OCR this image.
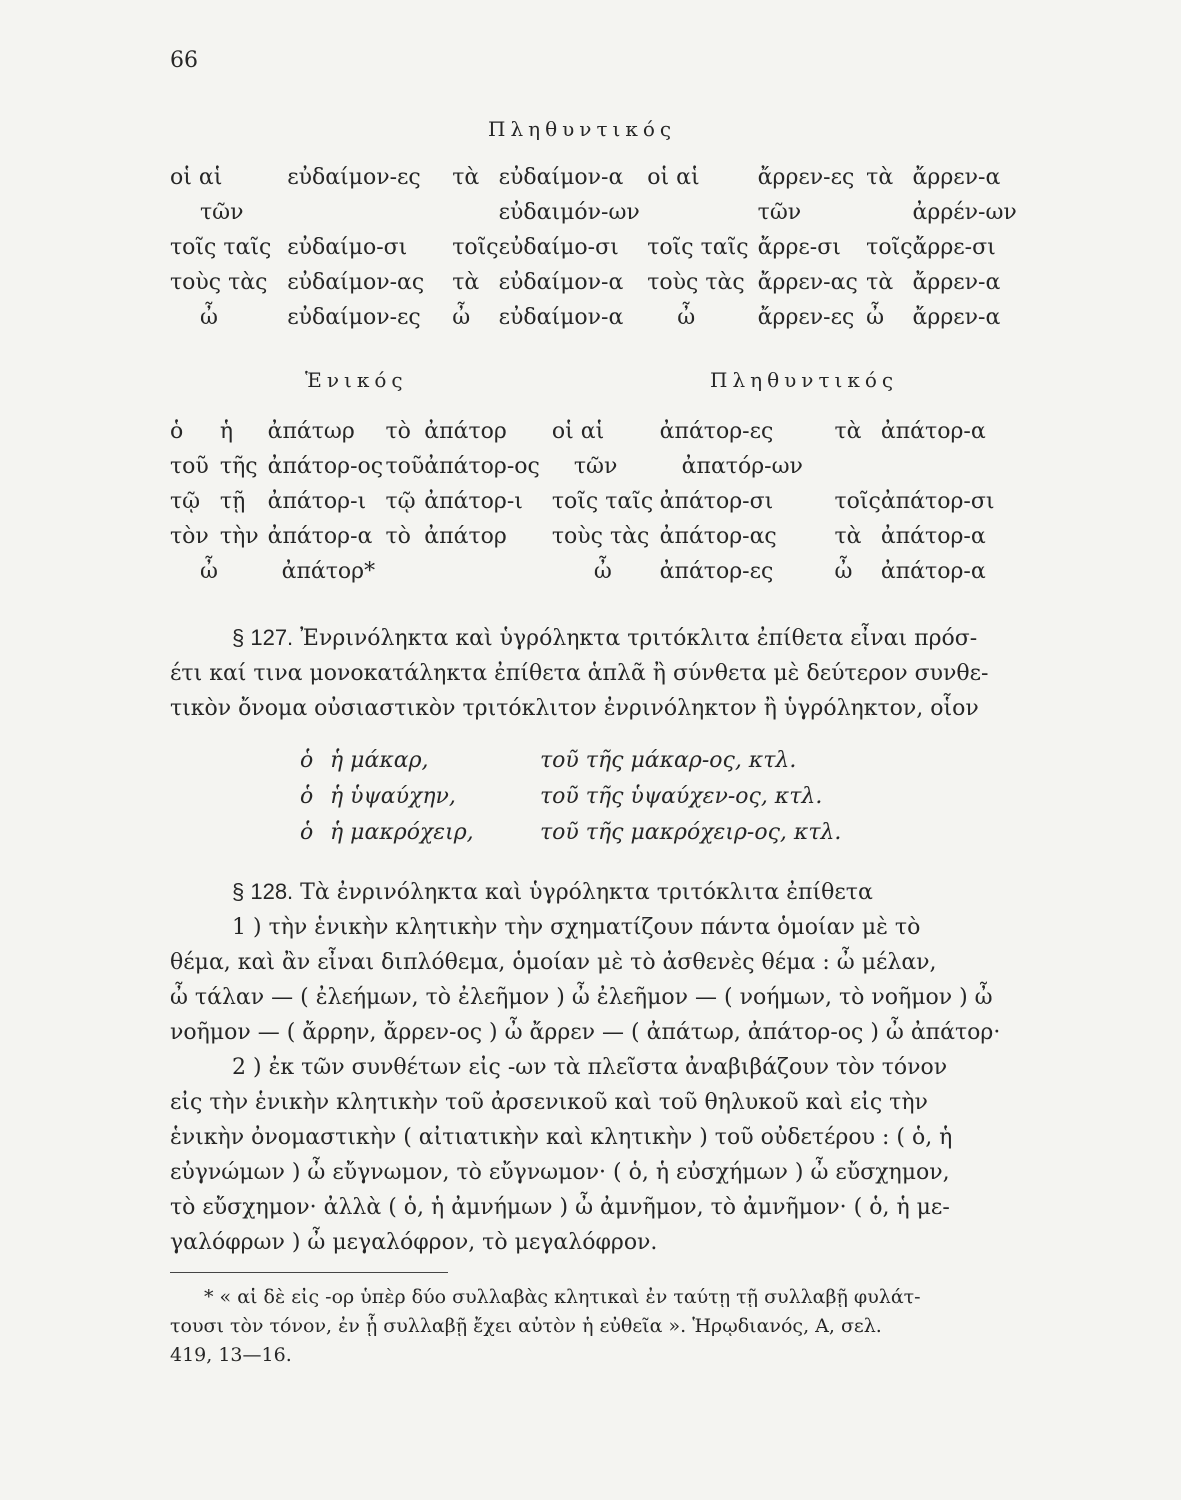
66
Πληθυντικός
οἱ αἱ	εὐδαίμον-ες	τὰ	εὐδαίμον-α	οἱ αἱ	ἄρρεν-ες	τὰ	ἄρρεν-α
τῶν			εὐδαιμόν-ων		τῶν		ἀρρέν-ων
τοῖς ταῖς	εὐδαίμο-σι	τοῖς	εὐδαίμο-σι	τοῖς ταῖς	ἄρρε-σι	τοῖς	ἄρρε-σι
τοὺς τὰς	εὐδαίμον-ας	τὰ	εὐδαίμον-α	τοὺς τὰς	ἄρρεν-ας	τὰ	ἄρρεν-α
ὦ	εὐδαίμον-ες	ὦ	εὐδαίμον-α	ὦ	ἄρρεν-ες	ὦ	ἄρρεν-α
Ἑνικός	Πληθυντικός
ὁ	ἡ	ἀπάτωρ	τὸ	ἀπάτορ	οἱ αἱ	ἀπάτορ-ες	τὰ	ἀπάτορ-α
τοῦ	τῆς	ἀπάτορ-ος	τοῦ	ἀπάτορ-ος	τῶν	ἀπατόρ-ων		
τῷ	τῇ	ἀπάτορ-ι	τῷ	ἀπάτορ-ι	τοῖς ταῖς	ἀπάτορ-σι	τοῖς	ἀπάτορ-σι
τὸν	τὴν	ἀπάτορ-α	τὸ	ἀπάτορ	τοὺς τὰς	ἀπάτορ-ας	τὰ	ἀπάτορ-α
ὦ		ἀπάτορ*			ὦ	ἀπάτορ-ες	ὦ	ἀπάτορ-α
§ 127. Ἐνρινόληκτα καὶ ὑγρόληκτα τριτόκλιτα ἐπίθετα εἶναι πρόσ-
έτι καί τινα μονοκατάληκτα ἐπίθετα ἁπλᾶ ἢ σύνθετα μὲ δεύτερον συνθε-
τικὸν ὄνομα οὐσιαστικὸν τριτόκλιτον ἐνρινόληκτον ἢ ὑγρόληκτον, οἷον
ὁ ἡ μάκαρ,	τοῦ τῆς μάκαρ-ος, κτλ.
ὁ ἡ ὑψαύχην,	τοῦ τῆς ὑψαύχεν-ος, κτλ.
ὁ ἡ μακρόχειρ,	τοῦ τῆς μακρόχειρ-ος, κτλ.
§ 128. Τὰ ἐνρινόληκτα καὶ ὑγρόληκτα τριτόκλιτα ἐπίθετα
1 ) τὴν ἑνικὴν κλητικὴν τὴν σχηματίζουν πάντα ὁμοίαν μὲ τὸ
θέμα, καὶ ἂν εἶναι διπλόθεμα, ὁμοίαν μὲ τὸ ἀσθενὲς θέμα : ὦ μέλαν,
ὦ τάλαν — ( ἐλεήμων, τὸ ἐλεῆμον ) ὦ ἐλεῆμον — ( νοήμων, τὸ νοῆμον ) ὦ
νοῆμον — ( ἄρρην, ἄρρεν-ος ) ὦ ἄρρεν — ( ἀπάτωρ, ἀπάτορ-ος ) ὦ ἀπάτορ·
2 ) ἐκ τῶν συνθέτων εἰς -ων τὰ πλεῖστα ἀναβιβάζουν τὸν τόνον
εἰς τὴν ἑνικὴν κλητικὴν τοῦ ἀρσενικοῦ καὶ τοῦ θηλυκοῦ καὶ εἰς τὴν
ἑνικὴν ὀνομαστικὴν ( αἰτιατικὴν καὶ κλητικὴν ) τοῦ οὐδετέρου : ( ὁ, ἡ
εὐγνώμων ) ὦ εὔγνωμον, τὸ εὔγνωμον· ( ὁ, ἡ εὐσχήμων ) ὦ εὔσχημον,
τὸ εὔσχημον· ἀλλὰ ( ὁ, ἡ ἀμνήμων ) ὦ ἀμνῆμον, τὸ ἀμνῆμον· ( ὁ, ἡ με-
γαλόφρων ) ὦ μεγαλόφρον, τὸ μεγαλόφρον.
* « αἱ δὲ εἰς -ορ ὑπὲρ δύο συλλαβὰς κλητικαὶ ἐν ταύτῃ τῇ συλλαβῇ φυλάτ-
τουσι τὸν τόνον, ἐν ᾗ συλλαβῇ ἔχει αὐτὸν ἡ εὐθεῖα ». Ἡρῳδιανός, Α, σελ.
419, 13—16.
